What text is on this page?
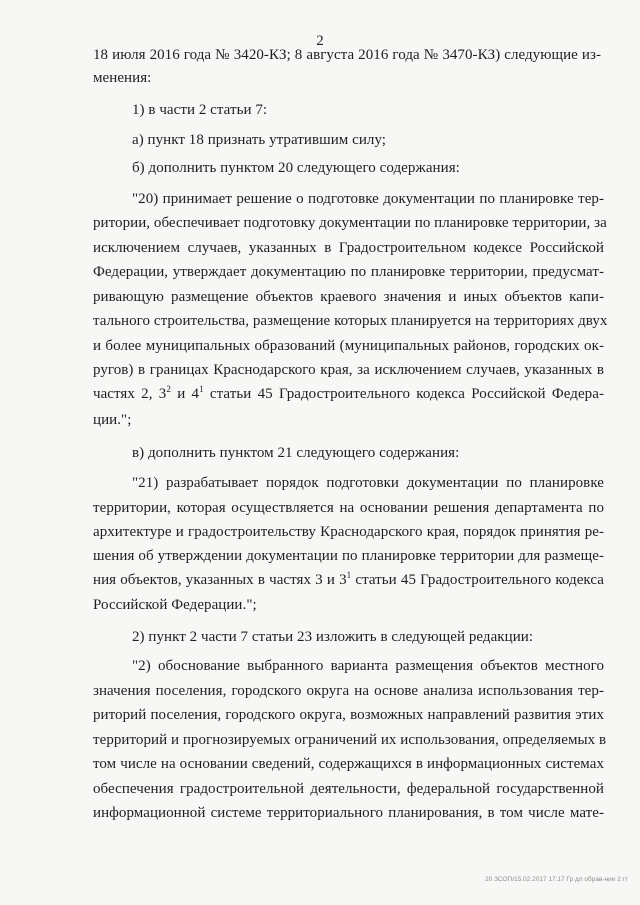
2

18 июля 2016 года № 3420-КЗ; 8 августа 2016 года № 3470-КЗ) следующие из-

менения:

1) в части 2 статьи 7:

а) пункт 18 признать утратившим силу;

б) дополнить пунктом 20 следующего содержания:

"20) принимает решение о подготовке документации по планировке тер-

ритории, обеспечивает подготовку документации по планировке территории, за

исключением случаев, указанных в Градостроительном кодексе Российской

Федерации, утверждает документацию по планировке территории, предусмат-

ривающую размещение объектов краевого значения и иных объектов капи-

тального строительства, размещение которых планируется на территориях двух

и более муниципальных образований (муниципальных районов, городских ок-

ругов) в границах Краснодарского края, за исключением случаев, указанных в

частях 2, $3^2$ и $4^1$ статьи 45 Градостроительного кодекса Российской Федера-

ции.";

в) дополнить пунктом 21 следующего содержания:

"21) разрабатывает порядок подготовки документации по планировке

территории, которая осуществляется на основании решения департамента по

архитектуре и градостроительству Краснодарского края, порядок принятия ре-

шения об утверждении документации по планировке территории для размеще-

ния объектов, указанных в частях 3 и $3^1$ статьи 45 Градостроительного кодекса

Российской Федерации.";

2) пункт 2 части 7 статьи 23 изложить в следующей редакции:

"2) обоснование выбранного варианта размещения объектов местного

значения поселения, городского округа на основе анализа использования тер-

риторий поселения, городского округа, возможных направлений развития этих

территорий и прогнозируемых ограничений их использования, определяемых в

том числе на основании сведений, содержащихся в информационных системах

обеспечения градостроительной деятельности, федеральной государственной

информационной системе территориального планирования, в том числе мате-

20 ЗСОП/15.02.2017 17:17 Гр дл обрав-ние 2 гт
